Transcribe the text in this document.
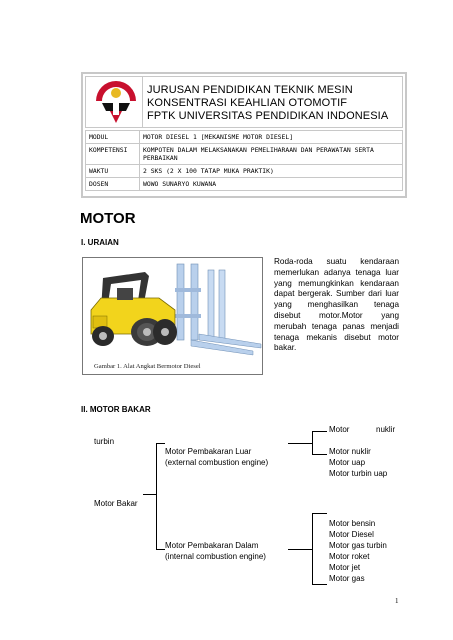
JURUSAN PENDIDIKAN TEKNIK MESIN
KONSENTRASI KEAHLIAN OTOMOTIF
FPTK UNIVERSITAS PENDIDIKAN INDONESIA
MODUL	MOTOR DIESEL 1 [MEKANISME MOTOR DIESEL]
KOMPETENSI	KOMPOTEN DALAM MELAKSANAKAN PEMELIHARAAN DAN PERAWATAN SERTA PERBAIKAN
WAKTU	2 SKS (2 X 100 TATAP MUKA PRAKTIK)
DOSEN	WOWO SUNARYO KUWANA
MOTOR
I. URAIAN
Gambar 1. Alat Angkat Bermotor Diesel
Roda-roda suatu kendaraan memerlukan adanya tenaga luar yang memungkinkan kendaraan dapat bergerak. Sumber dari luar yang menghasilkan tenaga disebut motor.Motor yang merubah tenaga panas menjadi tenaga mekanis disebut motor bakar.
II. MOTOR BAKAR
Motor	nuklir
turbin
Motor Pembakaran Luar
(external combustion engine)
Motor nuklir
Motor uap
Motor turbin uap
Motor Bakar
Motor Pembakaran Dalam
(internal combustion engine)
Motor bensin
Motor Diesel
Motor gas turbin
Motor roket
Motor jet
Motor gas
1
